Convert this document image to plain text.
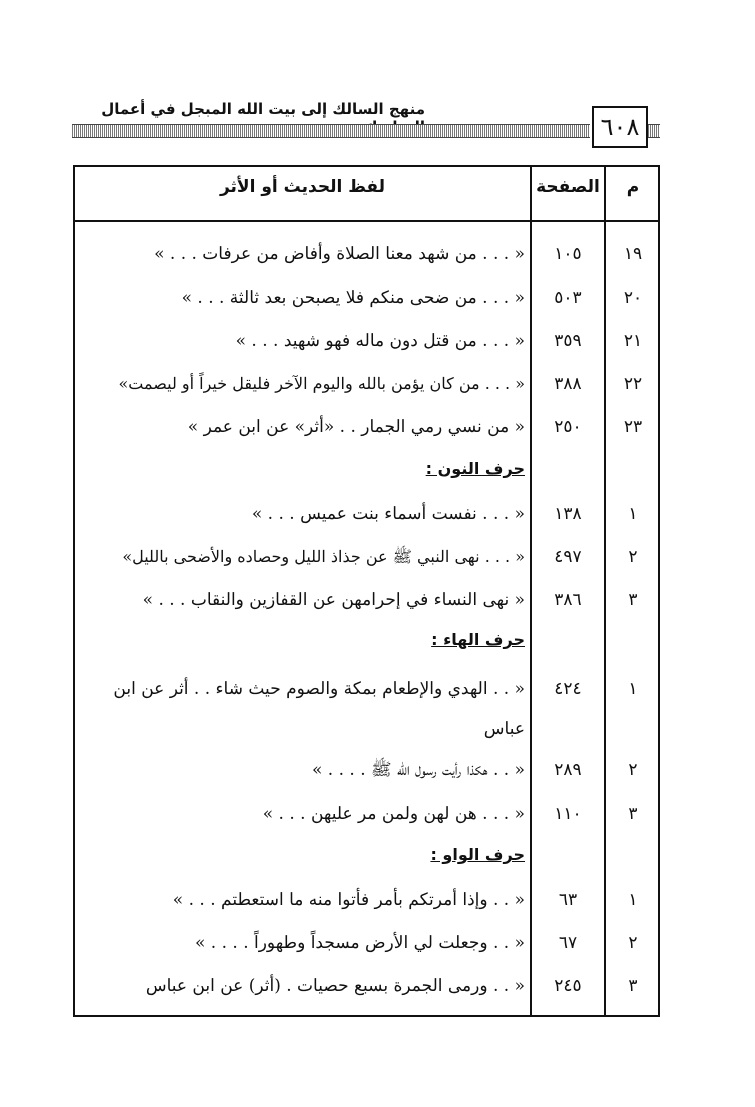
منهج السالك إلى بيت الله المبجل في أعمال
٦٠٨
لفظ الحديث أو الأثر	الصفحة	م
« . . . من شهد معنا الصلاة وأفاض من عرفات . . . »	١٠٥	١٩
« . . . من ضحى منكم فلا يصبحن بعد ثالثة . . . »	٥٠٣	٢٠
« . . . من قتل دون ماله فهو شهيد . . . »	٣٥٩	٢١
« . . . من كان يؤمن بالله واليوم الآخر فليقل خيراً أو ليصمت»	٣٨٨	٢٢
« من نسي رمي الجمار . . «أثر» عن ابن عمر »	٢٥٠	٢٣
حرف النون :
« . . . نفست أسماء بنت عميس . . . »	١٣٨	١
« . . . نهى النبي ﷺ عن جذاذ الليل وحصاده والأضحى بالليل»	٤٩٧	٢
« نهى النساء في إحرامهن عن القفازين والنقاب . . . »	٣٨٦	٣
حرف الهاء :
« . . الهدي والإطعام بمكة والصوم حيث شاء . . أثر عن ابن عباس
٤٢٤	١
« . . هكذا رأيت رسول الله ﷺ . . . . »	٢٨٩	٢
« . . . هن لهن ولمن مر عليهن . . . »	١١٠	٣
حرف الواو :
« . . وإذا أمرتكم بأمر فأتوا منه ما استعطتم . . . »	٦٣	١
« . . وجعلت لي الأرض مسجداً وطهوراً . . . . »	٦٧	٢
« . . ورمى الجمرة بسبع حصيات . (أثر) عن ابن عباس	٢٤٥	٣
